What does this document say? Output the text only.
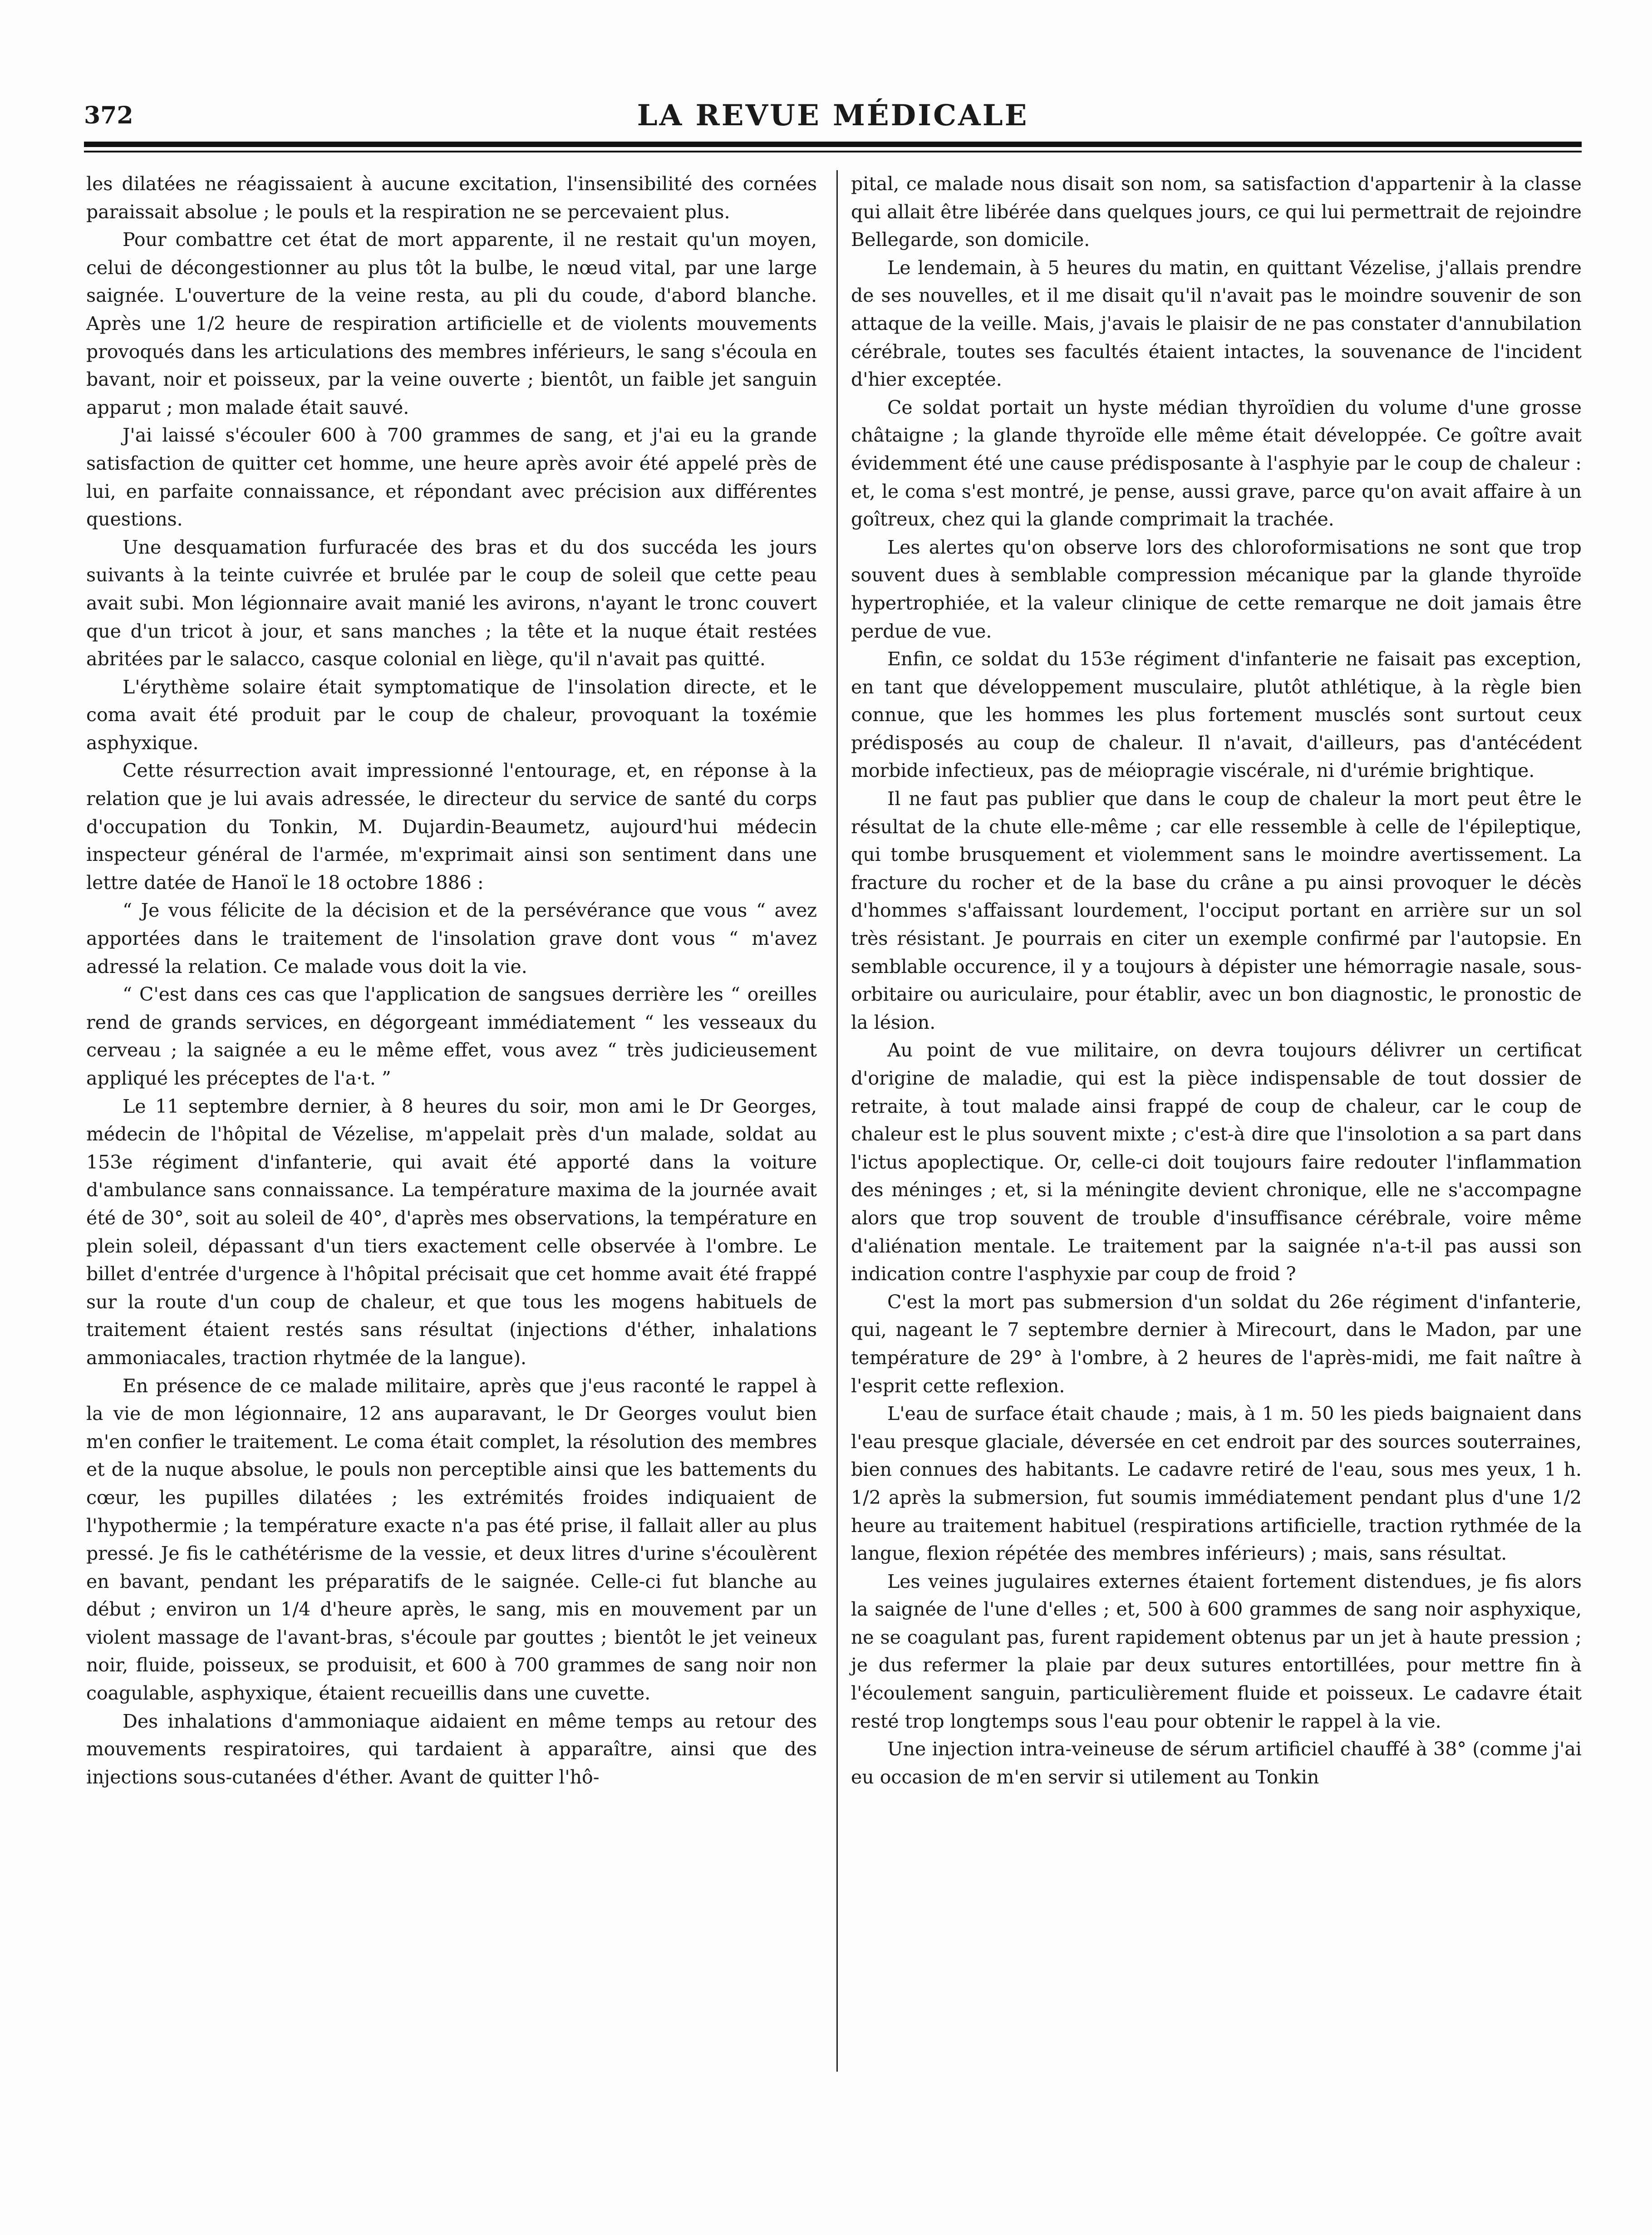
372	LA REVUE MÉDICALE

les dilatées ne réagissaient à aucune excitation, l'insensibilité des cornées paraissait absolue ; le pouls et la respiration ne se percevaient plus.

Pour combattre cet état de mort apparente, il ne restait qu'un moyen, celui de décongestionner au plus tôt la bulbe, le nœud vital, par une large saignée. L'ouverture de la veine resta, au pli du coude, d'abord blanche. Après une 1/2 heure de respiration artificielle et de violents mouvements provoqués dans les articulations des membres inférieurs, le sang s'écoula en bavant, noir et poisseux, par la veine ouverte ; bientôt, un faible jet sanguin apparut ; mon malade était sauvé.

J'ai laissé s'écouler 600 à 700 grammes de sang, et j'ai eu la grande satisfaction de quitter cet homme, une heure après avoir été appelé près de lui, en parfaite connaissance, et répondant avec précision aux différentes questions.

Une desquamation furfuracée des bras et du dos succéda les jours suivants à la teinte cuivrée et brulée par le coup de soleil que cette peau avait subi. Mon légionnaire avait manié les avirons, n'ayant le tronc couvert que d'un tricot à jour, et sans manches ; la tête et la nuque était restées abritées par le salacco, casque colonial en liège, qu'il n'avait pas quitté.

L'érythème solaire était symptomatique de l'insolation directe, et le coma avait été produit par le coup de chaleur, provoquant la toxémie asphyxique.

Cette résurrection avait impressionné l'entourage, et, en réponse à la relation que je lui avais adressée, le directeur du service de santé du corps d'occupation du Tonkin, M. Dujardin-Beaumetz, aujourd'hui médecin inspecteur général de l'armée, m'exprimait ainsi son sentiment dans une lettre datée de Hanoï le 18 octobre 1886 :

“ Je vous félicite de la décision et de la persévérance que vous “ avez apportées dans le traitement de l'insolation grave dont vous “ m'avez adressé la relation. Ce malade vous doit la vie.

“ C'est dans ces cas que l'application de sangsues derrière les “ oreilles rend de grands services, en dégorgeant immédiatement “ les vesseaux du cerveau ; la saignée a eu le même effet, vous avez “ très judicieusement appliqué les préceptes de l'a·t. ”

Le 11 septembre dernier, à 8 heures du soir, mon ami le Dr Georges, médecin de l'hôpital de Vézelise, m'appelait près d'un malade, soldat au 153e régiment d'infanterie, qui avait été apporté dans la voiture d'ambulance sans connaissance. La température maxima de la journée avait été de 30°, soit au soleil de 40°, d'après mes observations, la température en plein soleil, dépassant d'un tiers exactement celle observée à l'ombre. Le billet d'entrée d'urgence à l'hôpital précisait que cet homme avait été frappé sur la route d'un coup de chaleur, et que tous les mogens habituels de traitement étaient restés sans résultat (injections d'éther, inhalations ammoniacales, traction rhytmée de la langue).

En présence de ce malade militaire, après que j'eus raconté le rappel à la vie de mon légionnaire, 12 ans auparavant, le Dr Georges voulut bien m'en confier le traitement. Le coma était complet, la résolution des membres et de la nuque absolue, le pouls non perceptible ainsi que les battements du cœur, les pupilles dilatées ; les extrémités froides indiquaient de l'hypothermie ; la température exacte n'a pas été prise, il fallait aller au plus pressé. Je fis le cathétérisme de la vessie, et deux litres d'urine s'écoulèrent en bavant, pendant les préparatifs de le saignée. Celle-ci fut blanche au début ; environ un 1/4 d'heure après, le sang, mis en mouvement par un violent massage de l'avant-bras, s'écoule par gouttes ; bientôt le jet veineux noir, fluide, poisseux, se produisit, et 600 à 700 grammes de sang noir non coagulable, asphyxique, étaient recueillis dans une cuvette.

Des inhalations d'ammoniaque aidaient en même temps au retour des mouvements respiratoires, qui tardaient à apparaître, ainsi que des injections sous-cutanées d'éther. Avant de quitter l'hô-

pital, ce malade nous disait son nom, sa satisfaction d'appartenir à la classe qui allait être libérée dans quelques jours, ce qui lui permettrait de rejoindre Bellegarde, son domicile.

Le lendemain, à 5 heures du matin, en quittant Vézelise, j'allais prendre de ses nouvelles, et il me disait qu'il n'avait pas le moindre souvenir de son attaque de la veille. Mais, j'avais le plaisir de ne pas constater d'annubilation cérébrale, toutes ses facultés étaient intactes, la souvenance de l'incident d'hier exceptée.

Ce soldat portait un hyste médian thyroïdien du volume d'une grosse châtaigne ; la glande thyroïde elle même était développée. Ce goître avait évidemment été une cause prédisposante à l'asphyie par le coup de chaleur : et, le coma s'est montré, je pense, aussi grave, parce qu'on avait affaire à un goîtreux, chez qui la glande comprimait la trachée.

Les alertes qu'on observe lors des chloroformisations ne sont que trop souvent dues à semblable compression mécanique par la glande thyroïde hypertrophiée, et la valeur clinique de cette remarque ne doit jamais être perdue de vue.

Enfin, ce soldat du 153e régiment d'infanterie ne faisait pas exception, en tant que développement musculaire, plutôt athlétique, à la règle bien connue, que les hommes les plus fortement musclés sont surtout ceux prédisposés au coup de chaleur. Il n'avait, d'ailleurs, pas d'antécédent morbide infectieux, pas de méiopragie viscérale, ni d'urémie brightique.

Il ne faut pas publier que dans le coup de chaleur la mort peut être le résultat de la chute elle-même ; car elle ressemble à celle de l'épileptique, qui tombe brusquement et violemment sans le moindre avertissement. La fracture du rocher et de la base du crâne a pu ainsi provoquer le décès d'hommes s'affaissant lourdement, l'occiput portant en arrière sur un sol très résistant. Je pourrais en citer un exemple confirmé par l'autopsie. En semblable occurence, il y a toujours à dépister une hémorragie nasale, sous-orbitaire ou auriculaire, pour établir, avec un bon diagnostic, le pronostic de la lésion.

Au point de vue militaire, on devra toujours délivrer un certificat d'origine de maladie, qui est la pièce indispensable de tout dossier de retraite, à tout malade ainsi frappé de coup de chaleur, car le coup de chaleur est le plus souvent mixte ; c'est-à dire que l'insolotion a sa part dans l'ictus apoplectique. Or, celle-ci doit toujours faire redouter l'inflammation des méninges ; et, si la méningite devient chronique, elle ne s'accompagne alors que trop souvent de trouble d'insuffisance cérébrale, voire même d'aliénation mentale. Le traitement par la saignée n'a-t-il pas aussi son indication contre l'asphyxie par coup de froid ?

C'est la mort pas submersion d'un soldat du 26e régiment d'infanterie, qui, nageant le 7 septembre dernier à Mirecourt, dans le Madon, par une température de 29° à l'ombre, à 2 heures de l'après-midi, me fait naître à l'esprit cette reflexion.

L'eau de surface était chaude ; mais, à 1 m. 50 les pieds baignaient dans l'eau presque glaciale, déversée en cet endroit par des sources souterraines, bien connues des habitants. Le cadavre retiré de l'eau, sous mes yeux, 1 h. 1/2 après la submersion, fut soumis immédiatement pendant plus d'une 1/2 heure au traitement habituel (respirations artificielle, traction rythmée de la langue, flexion répétée des membres inférieurs) ; mais, sans résultat.

Les veines jugulaires externes étaient fortement distendues, je fis alors la saignée de l'une d'elles ; et, 500 à 600 grammes de sang noir asphyxique, ne se coagulant pas, furent rapidement obtenus par un jet à haute pression ; je dus refermer la plaie par deux sutures entortillées, pour mettre fin à l'écoulement sanguin, particulièrement fluide et poisseux. Le cadavre était resté trop longtemps sous l'eau pour obtenir le rappel à la vie.

Une injection intra-veineuse de sérum artificiel chauffé à 38° (comme j'ai eu occasion de m'en servir si utilement au Tonkin
